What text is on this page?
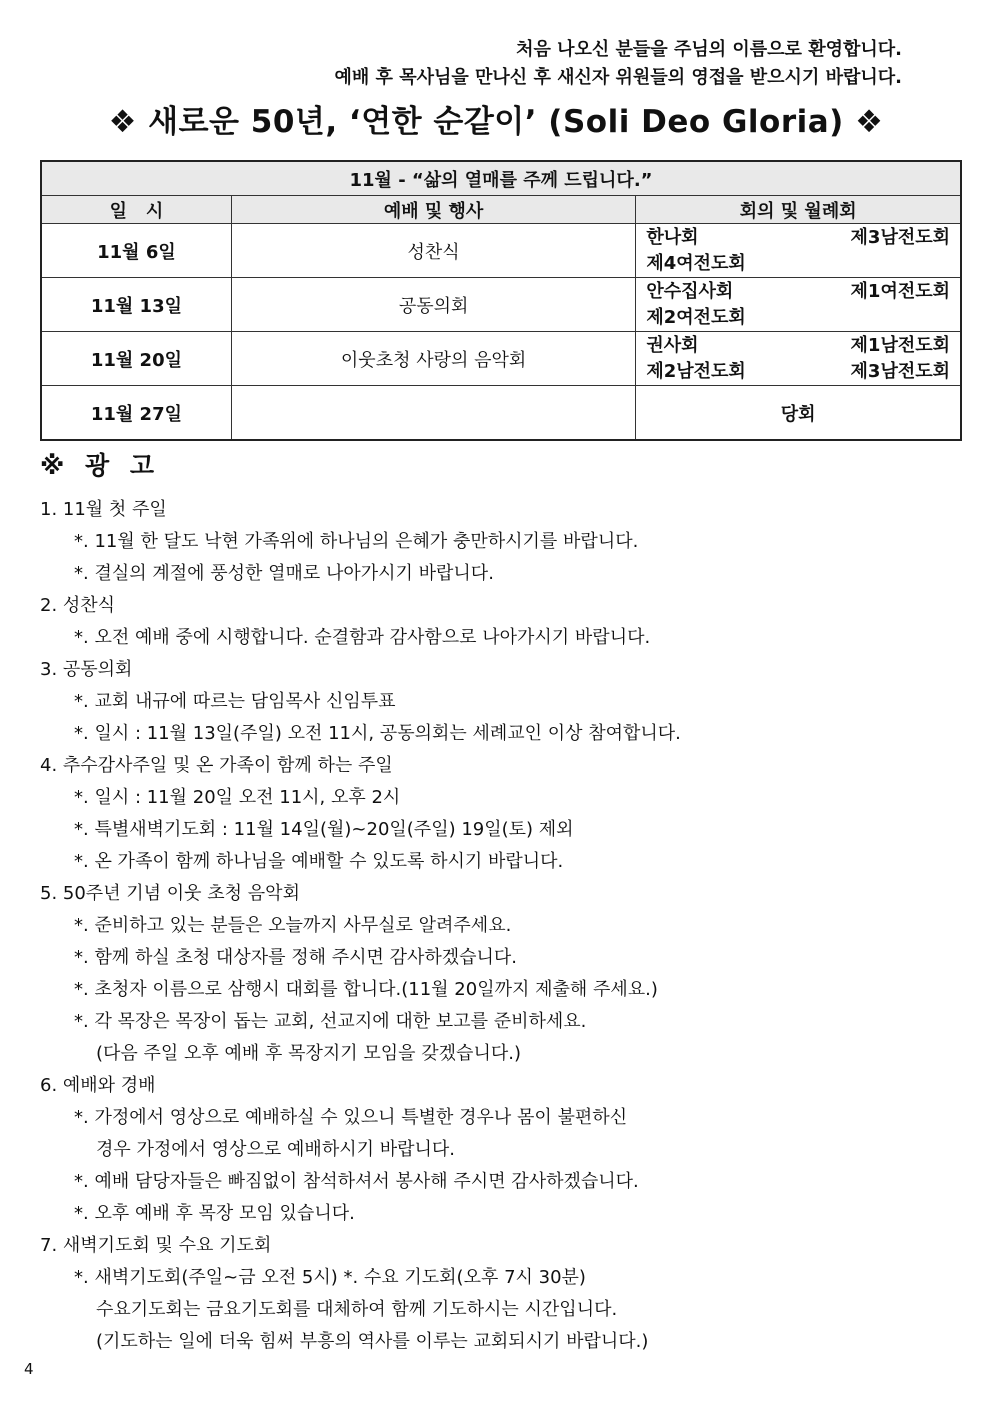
처음 나오신 분들을 주님의 이름으로 환영합니다.
예배 후 목사님을 만나신 후 새신자 위원들의 영접을 받으시기 바랍니다.
❖ 새로운 50년, ‘연한 순같이’ (Soli Deo Gloria) ❖
11월 - “삶의 열매를 주께 드립니다.”		
일   시	예배 및 행사	회의 및 월례회
11월 6일	성찬식	한나회 제3남전도회
제4여전도회

11월 13일	공동의회	안수집사회 제1여전도회
제2여전도회

11월 20일	이웃초청 사랑의 음악회	권사회 제1남전도회
제2남전도회 제3남전도회

11월 27일		당회
※ 광 고
1. 11월 첫 주일
*. 11월 한 달도 낙현 가족위에 하나님의 은혜가 충만하시기를 바랍니다.
*. 결실의 계절에 풍성한 열매로 나아가시기 바랍니다.
2. 성찬식
*. 오전 예배 중에 시행합니다. 순결함과 감사함으로 나아가시기 바랍니다.
3. 공동의회
*. 교회 내규에 따르는 담임목사 신임투표
*. 일시 : 11월 13일(주일) 오전 11시, 공동의회는 세례교인 이상 참여합니다.
4. 추수감사주일 및 온 가족이 함께 하는 주일
*. 일시 : 11월 20일 오전 11시, 오후 2시
*. 특별새벽기도회 : 11월 14일(월)~20일(주일) 19일(토) 제외
*. 온 가족이 함께 하나님을 예배할 수 있도록 하시기 바랍니다.
5. 50주년 기념 이웃 초청 음악회
*. 준비하고 있는 분들은 오늘까지 사무실로 알려주세요.
*. 함께 하실 초청 대상자를 정해 주시면 감사하겠습니다.
*. 초청자 이름으로 삼행시 대회를 합니다.(11월 20일까지 제출해 주세요.)
*. 각 목장은 목장이 돕는 교회, 선교지에 대한 보고를 준비하세요.
(다음 주일 오후 예배 후 목장지기 모임을 갖겠습니다.)
6. 예배와 경배
*. 가정에서 영상으로 예배하실 수 있으니 특별한 경우나 몸이 불편하신
경우 가정에서 영상으로 예배하시기 바랍니다.
*. 예배 담당자들은 빠짐없이 참석하셔서 봉사해 주시면 감사하겠습니다.
*. 오후 예배 후 목장 모임 있습니다.
7. 새벽기도회 및 수요 기도회
*. 새벽기도회(주일~금 오전 5시) *. 수요 기도회(오후 7시 30분)
수요기도회는 금요기도회를 대체하여 함께 기도하시는 시간입니다.
(기도하는 일에 더욱 힘써 부흥의 역사를 이루는 교회되시기 바랍니다.)
4
